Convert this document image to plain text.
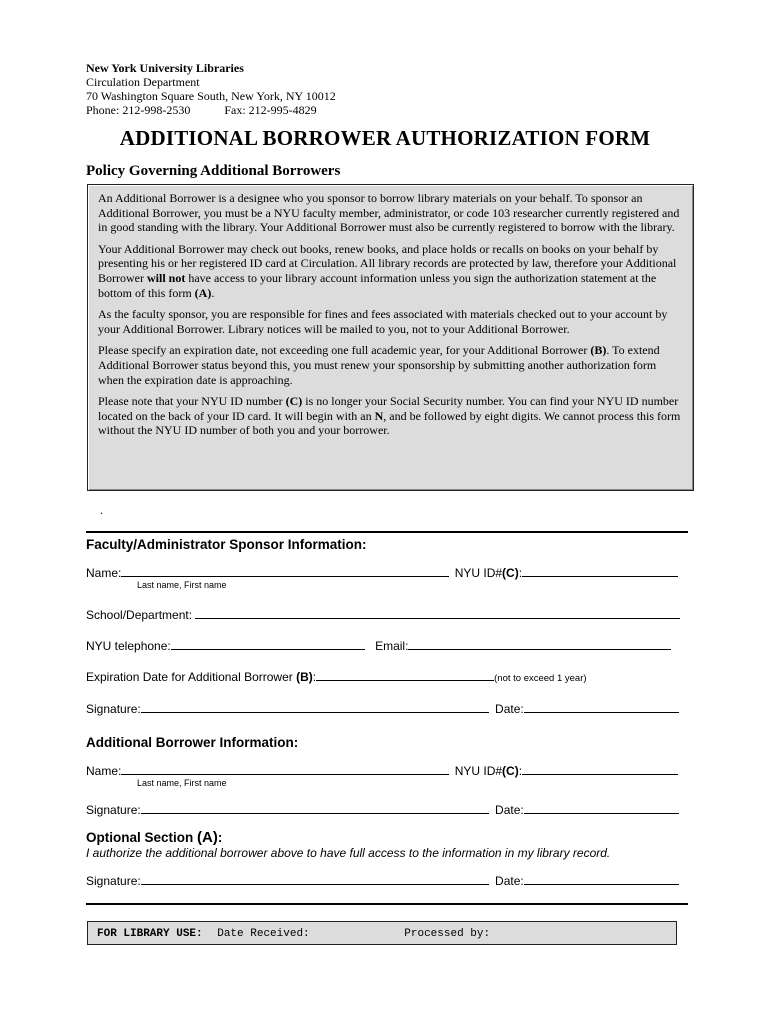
New York University Libraries
Circulation Department
70 Washington Square South, New York, NY 10012
Phone: 212-998-2530	Fax: 212-995-4829
ADDITIONAL BORROWER AUTHORIZATION FORM
Policy Governing Additional Borrowers

An Additional Borrower is a designee who you sponsor to borrow library materials on your behalf. To sponsor an Additional Borrower, you must be a NYU faculty member, administrator, or code 103 researcher currently registered and in good standing with the library. Your Additional Borrower must also be currently registered to borrow with the library.

Your Additional Borrower may check out books, renew books, and place holds or recalls on books on your behalf by presenting his or her registered ID card at Circulation. All library records are protected by law, therefore your Additional Borrower will not have access to your library account information unless you sign the authorization statement at the bottom of this form (A).

As the faculty sponsor, you are responsible for fines and fees associated with materials checked out to your account by your Additional Borrower. Library notices will be mailed to you, not to your Additional Borrower.

Please specify an expiration date, not exceeding one full academic year, for your Additional Borrower (B). To extend Additional Borrower status beyond this, you must renew your sponsorship by submitting another authorization form when the expiration date is approaching.

Please note that your NYU ID number (C) is no longer your Social Security number. You can find your NYU ID number located on the back of your ID card. It will begin with an N, and be followed by eight digits. We cannot process this form without the NYU ID number of both you and your borrower.

.
Faculty/Administrator Sponsor Information:
Name:	NYU ID#(C):
Last name, First name
School/Department:
NYU telephone:	Email:
Expiration Date for Additional Borrower (B):	(not to exceed 1 year)
Signature:	Date:
Additional Borrower Information:
Name:	NYU ID#(C):
Last name, First name
Signature:	Date:
Optional Section (A):
I authorize the additional borrower above to have full access to the information in my library record.
Signature:	Date:
FOR LIBRARY USE: Date Received:	Processed by:
